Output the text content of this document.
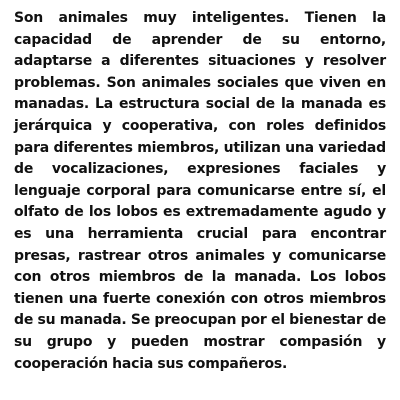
Son animales muy inteligentes. Tienen la capacidad de aprender de su entorno, adaptarse a diferentes situaciones y resolver problemas. Son animales sociales que viven en manadas. La estructura social de la manada es jerárquica y cooperativa, con roles definidos para diferentes miembros, utilizan una variedad de vocalizaciones, expresiones faciales y lenguaje corporal para comunicarse entre sí, el olfato de los lobos es extremadamente agudo y es una herramienta crucial para encontrar presas, rastrear otros animales y comunicarse con otros miembros de la manada. Los lobos tienen una fuerte conexión con otros miembros de su manada. Se preocupan por el bienestar de su grupo y pueden mostrar compasión y cooperación hacia sus compañeros.
